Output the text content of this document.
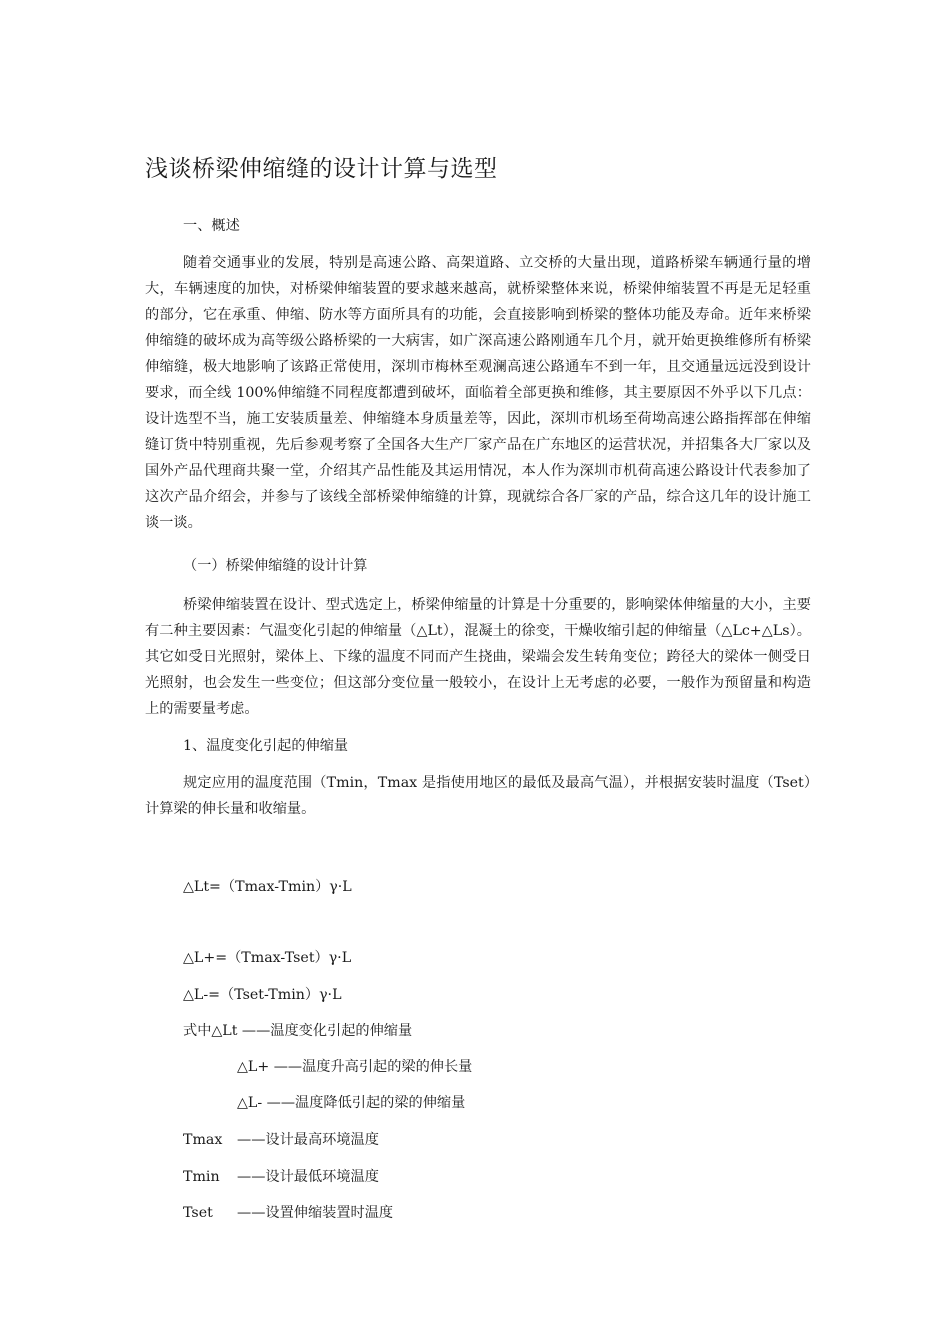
浅谈桥梁伸缩缝的设计计算与选型
一、概述

随着交通事业的发展，特别是高速公路、高架道路、立交桥的大量出现，道路桥梁车辆通行量的增大，车辆速度的加快，对桥梁伸缩装置的要求越来越高，就桥梁整体来说，桥梁伸缩装置不再是无足轻重的部分，它在承重、伸缩、防水等方面所具有的功能，会直接影响到桥梁的整体功能及寿命。近年来桥梁伸缩缝的破坏成为高等级公路桥梁的一大病害，如广深高速公路刚通车几个月，就开始更换维修所有桥梁伸缩缝，极大地影响了该路正常使用，深圳市梅林至观澜高速公路通车不到一年，且交通量远远没到设计要求，而全线 100%伸缩缝不同程度都遭到破坏，面临着全部更换和维修，其主要原因不外乎以下几点：设计选型不当，施工安装质量差、伸缩缝本身质量差等，因此，深圳市机场至荷坳高速公路指挥部在伸缩缝订货中特别重视，先后参观考察了全国各大生产厂家产品在广东地区的运营状况，并招集各大厂家以及国外产品代理商共聚一堂，介绍其产品性能及其运用情况，本人作为深圳市机荷高速公路设计代表参加了这次产品介绍会，并参与了该线全部桥梁伸缩缝的计算，现就综合各厂家的产品，综合这几年的设计施工谈一谈。

（一）桥梁伸缩缝的设计计算

桥梁伸缩装置在设计、型式选定上，桥梁伸缩量的计算是十分重要的，影响梁体伸缩量的大小，主要有二种主要因素：气温变化引起的伸缩量（△Lt），混凝土的徐变，干燥收缩引起的伸缩量（△Lc+△Ls）。其它如受日光照射，梁体上、下缘的温度不同而产生挠曲，梁端会发生转角变位；跨径大的梁体一侧受日光照射，也会发生一些变位；但这部分变位量一般较小，在设计上无考虑的必要，一般作为预留量和构造上的需要量考虑。

1、温度变化引起的伸缩量

规定应用的温度范围（Tmin，Tmax 是指使用地区的最低及最高气温），并根据安装时温度（Tset）计算梁的伸长量和收缩量。

△Lt=（Tmax-Tmin）γ·L
△L+=（Tmax-Tset）γ·L
△L-=（Tset-Tmin）γ·L
式中△Lt ——温度变化引起的伸缩量
△L+ ——温度升高引起的梁的伸长量
△L- ——温度降低引起的梁的伸缩量
Tmax ——设计最高环境温度
Tmin ——设计最低环境温度
Tset ——设置伸缩装置时温度
